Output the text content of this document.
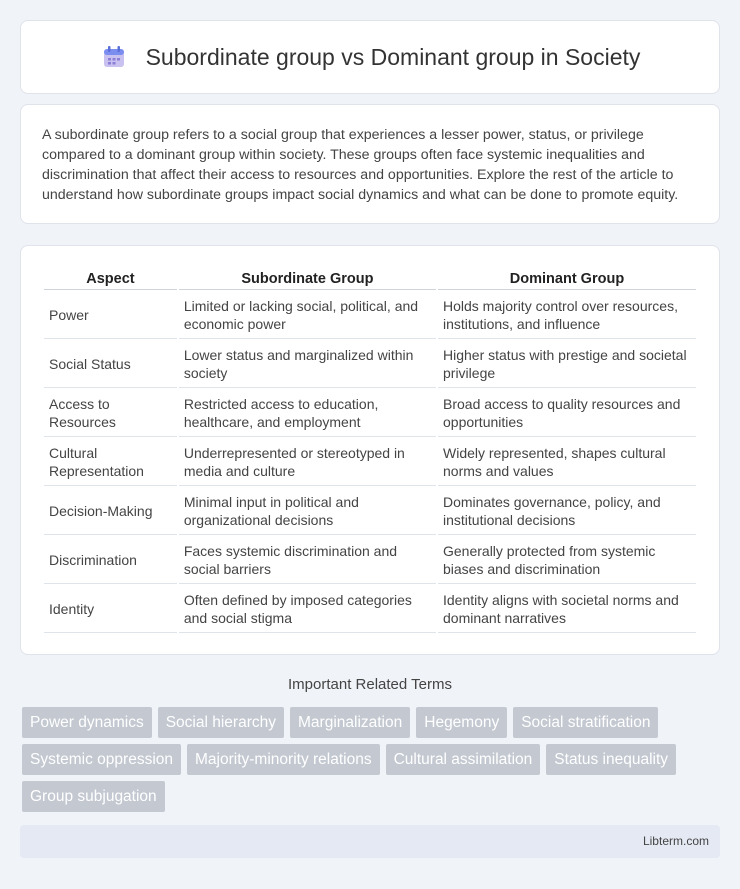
Subordinate group vs Dominant group in Society

A subordinate group refers to a social group that experiences a lesser power, status, or privilege compared to a dominant group within society. These groups often face systemic inequalities and discrimination that affect their access to resources and opportunities. Explore the rest of the article to understand how subordinate groups impact social dynamics and what can be done to promote equity.

Aspect	Subordinate Group	Dominant Group
Power	Limited or lacking social, political, and economic power	Holds majority control over resources, institutions, and influence
Social Status	Lower status and marginalized within society	Higher status with prestige and societal privilege
Access to Resources	Restricted access to education, healthcare, and employment	Broad access to quality resources and opportunities
Cultural Representation	Underrepresented or stereotyped in media and culture	Widely represented, shapes cultural norms and values
Decision-Making	Minimal input in political and organizational decisions	Dominates governance, policy, and institutional decisions
Discrimination	Faces systemic discrimination and social barriers	Generally protected from systemic biases and discrimination
Identity	Often defined by imposed categories and social stigma	Identity aligns with societal norms and dominant narratives
Important Related Terms
Power dynamics	Social hierarchy	Marginalization	Hegemony	Social stratification
Systemic oppression	Majority-minority relations	Cultural assimilation	Status inequality
Group subjugation
Libterm.com
